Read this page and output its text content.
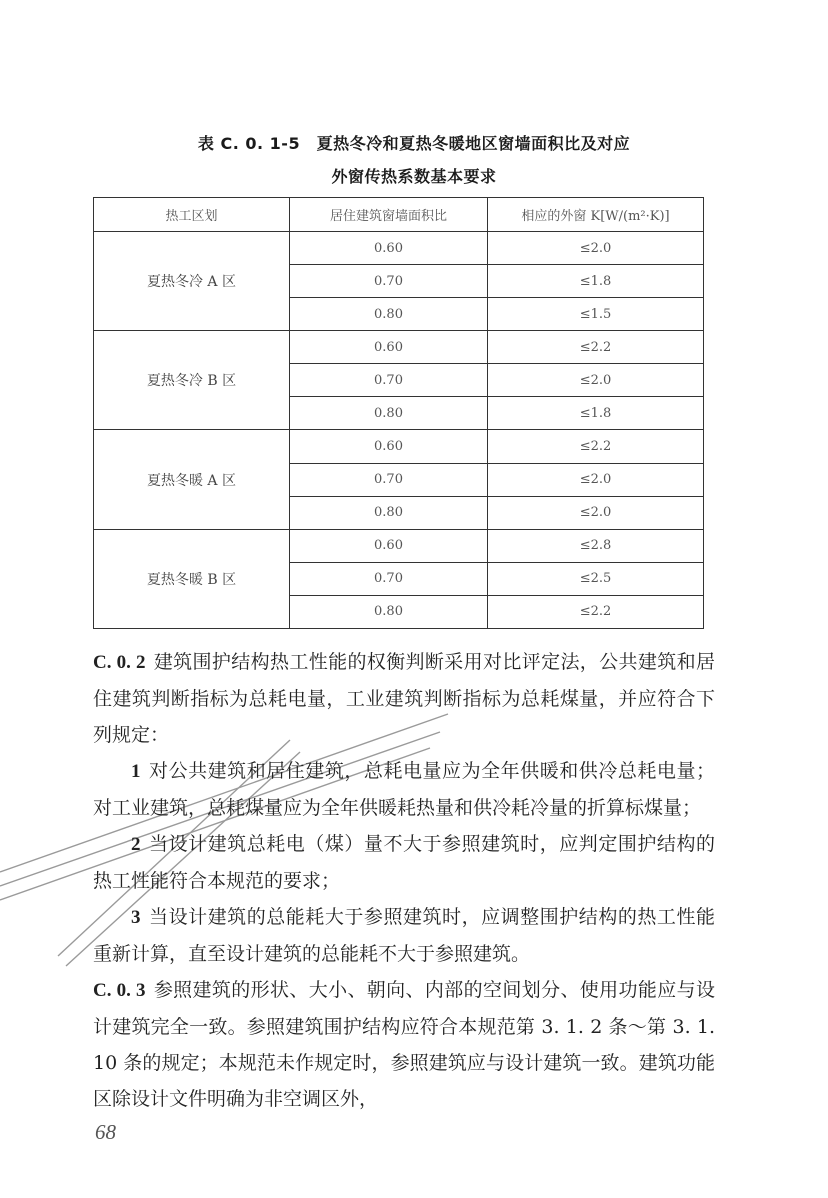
表 C. 0. 1-5　夏热冬冷和夏热冬暖地区窗墙面积比及对应
外窗传热系数基本要求
热工区划	居住建筑窗墙面积比	相应的外窗 K[W/(m²·K)]
夏热冬冷 A 区	0.60	≤2.0
	0.70	≤1.8
	0.80	≤1.5
夏热冬冷 B 区	0.60	≤2.2
	0.70	≤2.0
	0.80	≤1.8
夏热冬暖 A 区	0.60	≤2.2
	0.70	≤2.0
	0.80	≤2.0
夏热冬暖 B 区	0.60	≤2.8
	0.70	≤2.5
	0.80	≤2.2

C. 0. 2 建筑围护结构热工性能的权衡判断采用对比评定法，公共建筑和居住建筑判断指标为总耗电量，工业建筑判断指标为总耗煤量，并应符合下列规定：

1 对公共建筑和居住建筑，总耗电量应为全年供暖和供冷总耗电量；对工业建筑，总耗煤量应为全年供暖耗热量和供冷耗冷量的折算标煤量；

2 当设计建筑总耗电（煤）量不大于参照建筑时，应判定围护结构的热工性能符合本规范的要求；

3 当设计建筑的总能耗大于参照建筑时，应调整围护结构的热工性能重新计算，直至设计建筑的总能耗不大于参照建筑。

C. 0. 3 参照建筑的形状、大小、朝向、内部的空间划分、使用功能应与设计建筑完全一致。参照建筑围护结构应符合本规范第 3. 1. 2 条～第 3. 1. 10 条的规定；本规范未作规定时，参照建筑应与设计建筑一致。建筑功能区除设计文件明确为非空调区外，

68
